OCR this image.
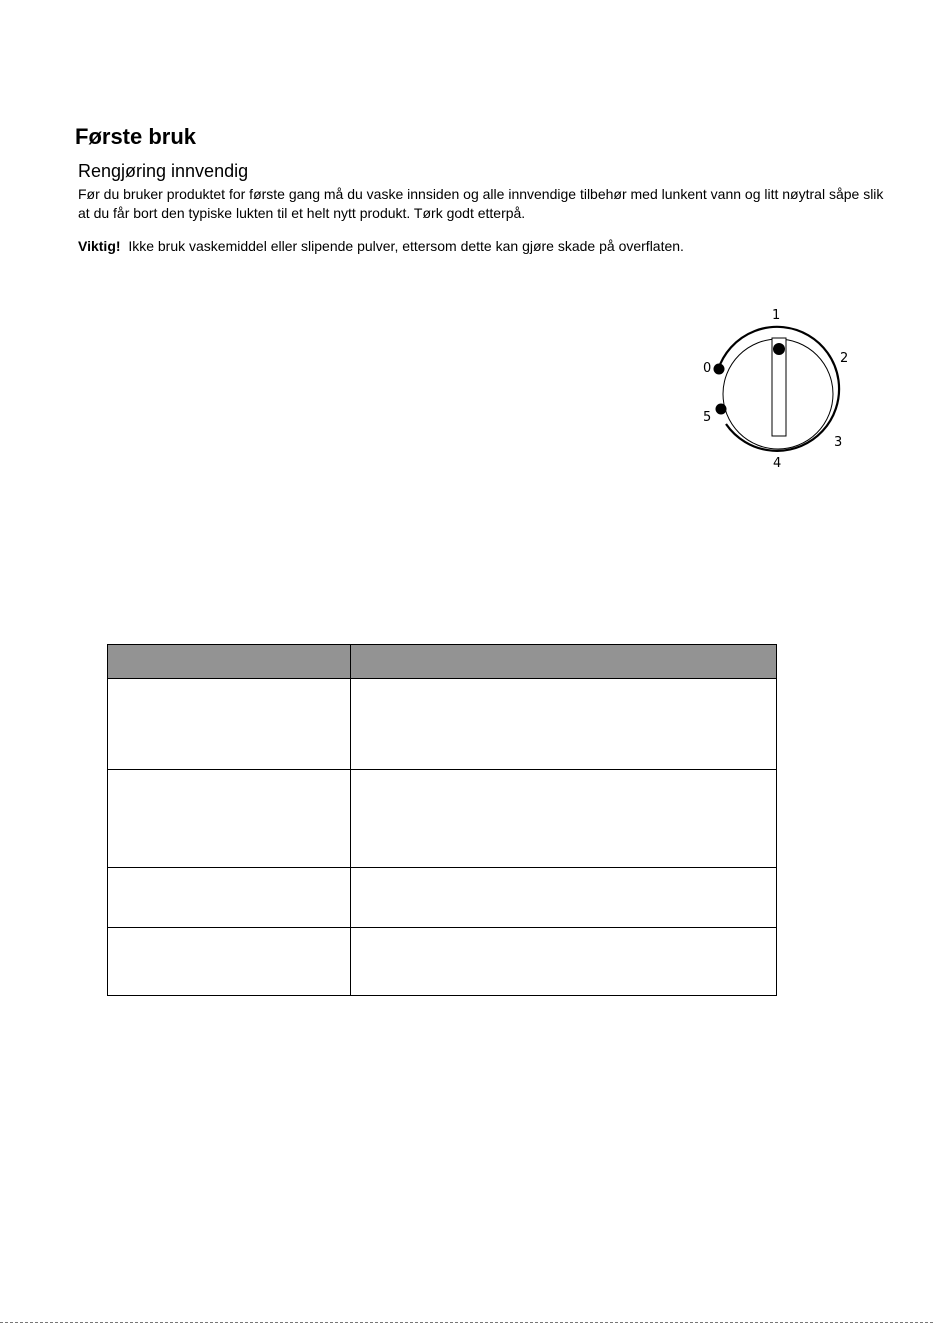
Første bruk
Rengjøring innvendig

Før du bruker produktet for første gang må du vaske innsiden og alle innvendige tilbehør med lunkent vann og litt nøytral såpe slik at du får bort den typiske lukten til et helt nytt produkt. Tørk godt etterpå.

Viktig! Ikke bruk vaskemiddel eller slipende pulver, ettersom dette kan gjøre skade på overflaten.

1
2
0
5
3
4
